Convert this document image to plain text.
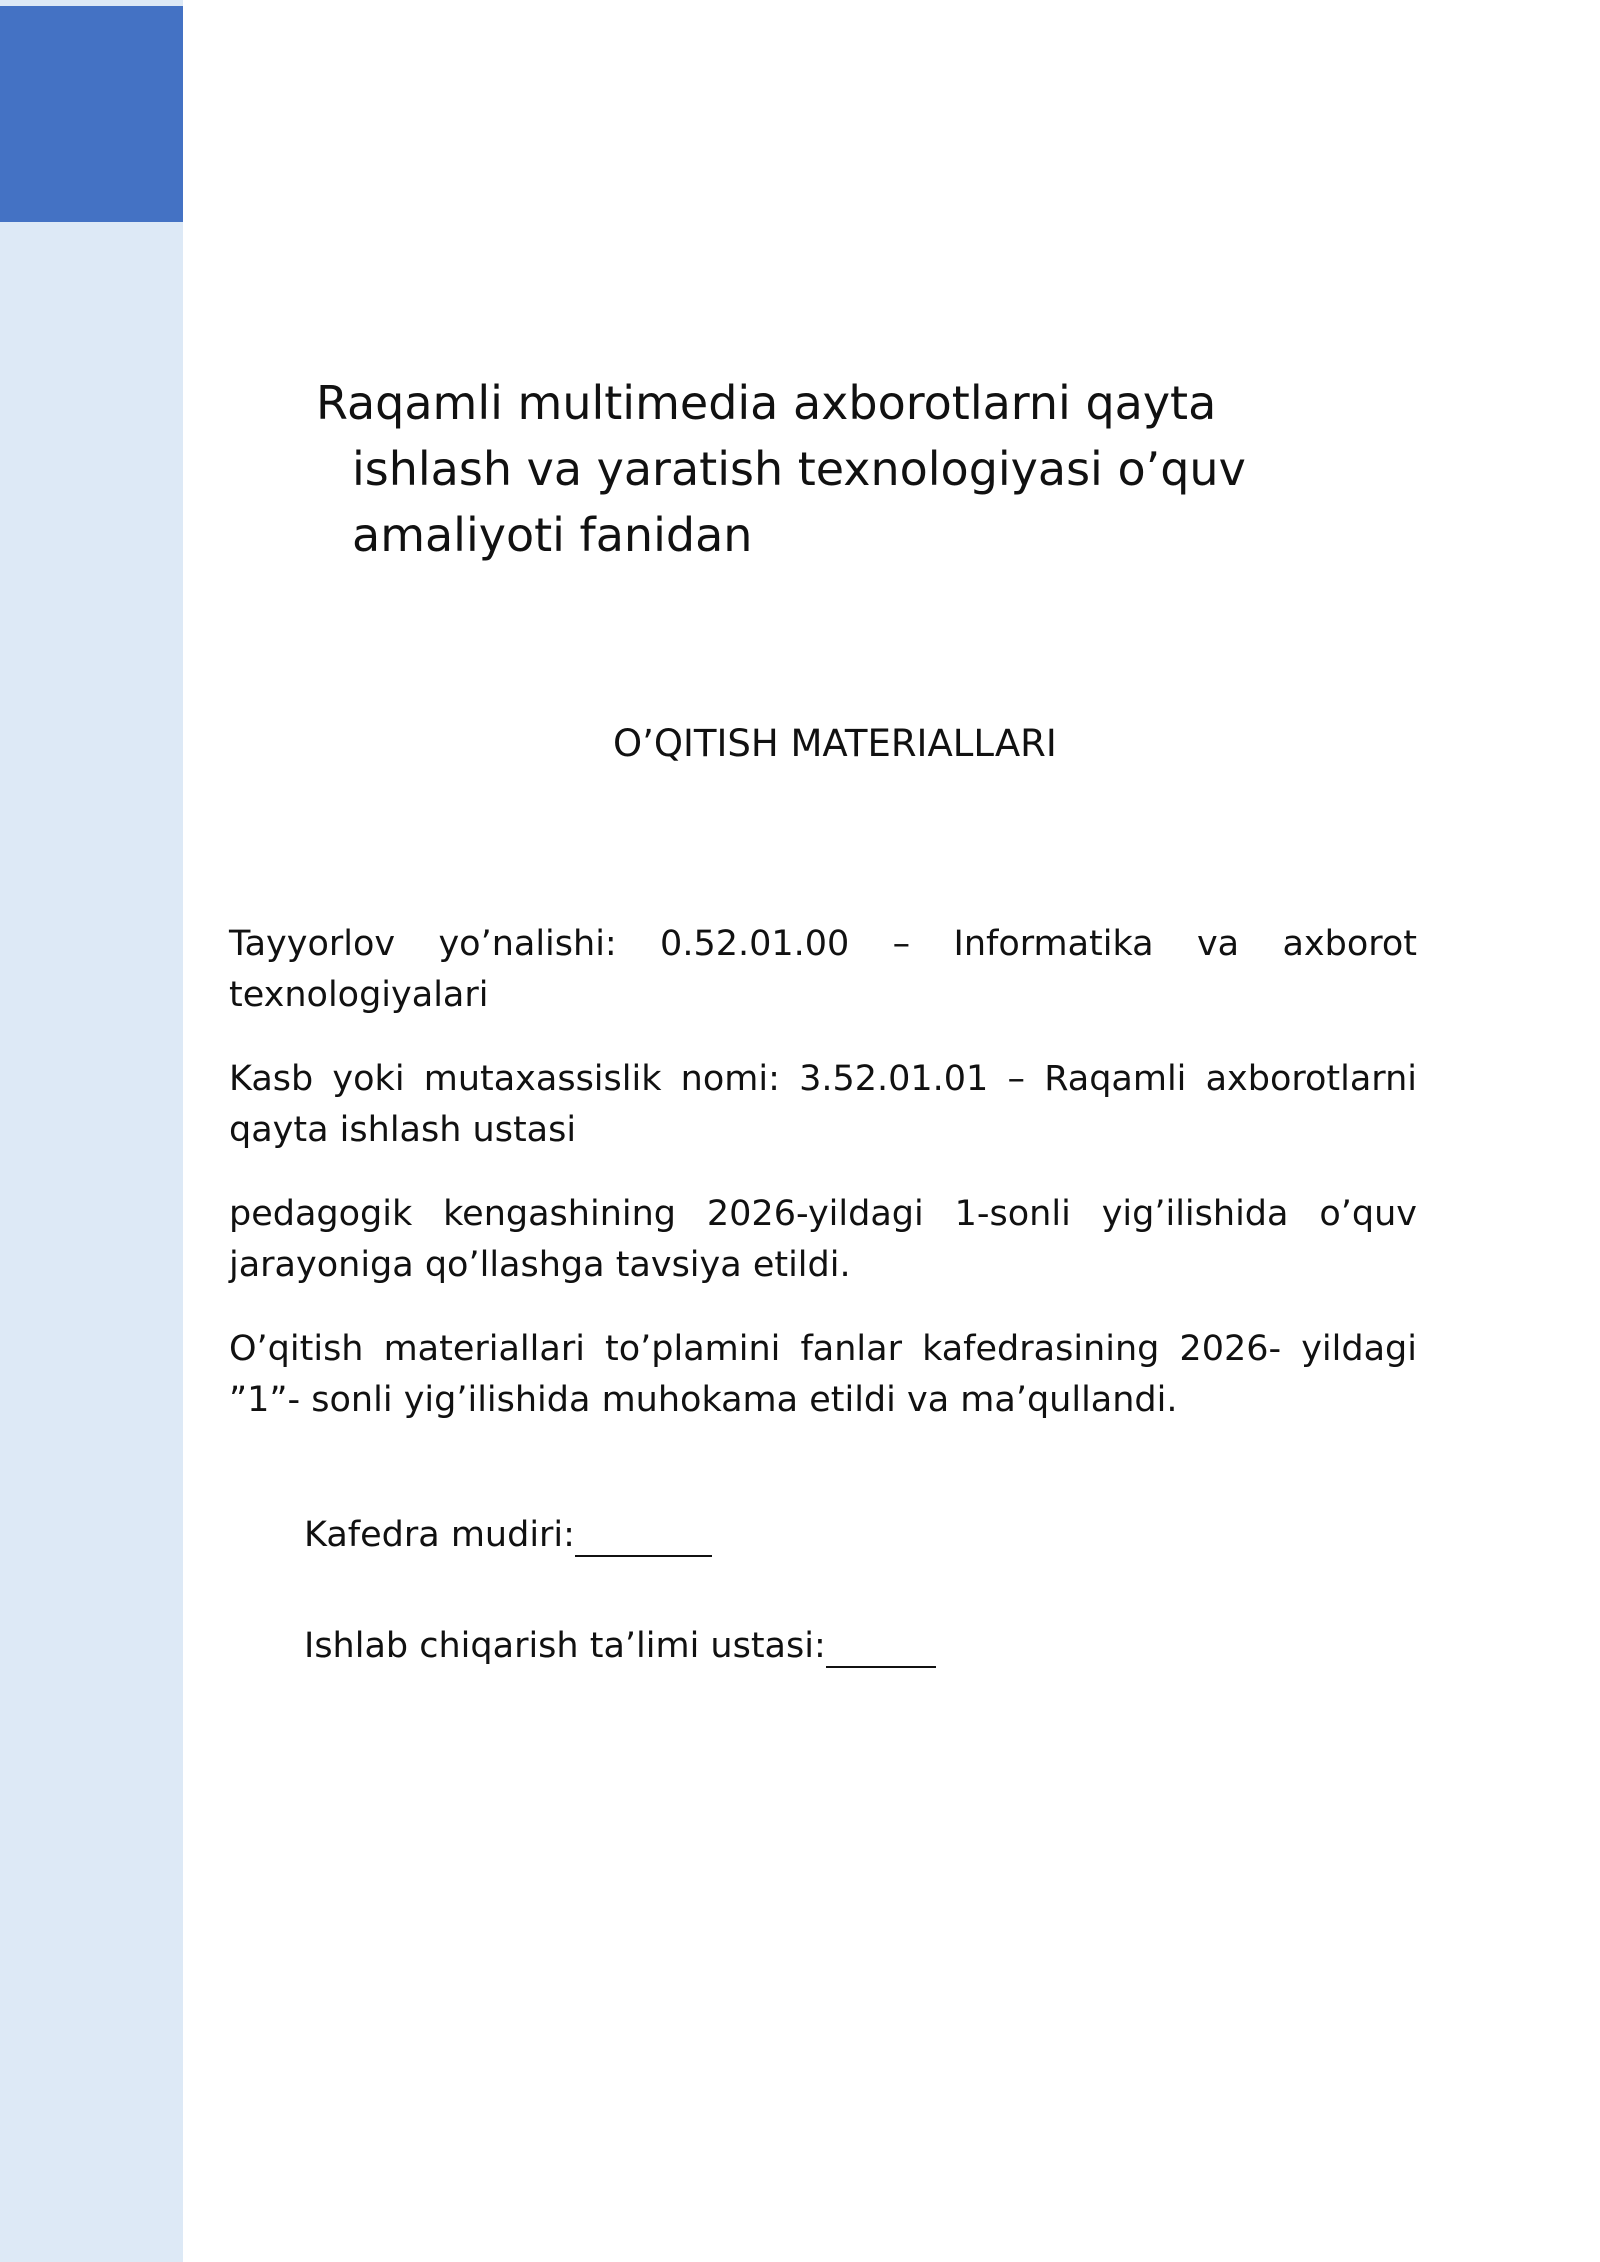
Raqamli multimedia axborotlarni qayta
ishlash va yaratish texnologiyasi o’quv
amaliyoti fanidan
O’QITISH MATERIALLARI

Tayyorlov yo’nalishi: 0.52.01.00 – Informatika va axborot texnologiyalari

Kasb yoki mutaxassislik nomi: 3.52.01.01 – Raqamli axborotlarni qayta ishlash ustasi

pedagogik kengashining 2026-yildagi 1-sonli yig’ilishida o’quv jarayoniga qo’llashga tavsiya etildi.

O’qitish materiallari to’plamini fanlar kafedrasining 2026- yildagi ”1”- sonli yig’ilishida muhokama etildi va ma’qullandi.

Kafedra mudiri:
Ishlab chiqarish ta’limi ustasi:
